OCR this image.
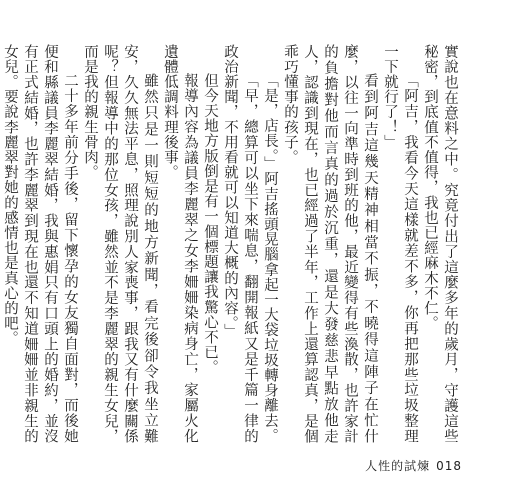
實說也在意料之中。究竟付出了這麼多年的歲月，守護這些秘密，到底值不值得，我也已經麻木不仁。

「阿吉，我看今天這樣就差不多，你再把那些垃圾整理一下就行了！」

看到阿吉這幾天精神相當不振，不曉得這陣子在忙什麼，以往一向準時到班的他，最近變得有些渙散，也許家計的負擔對他而言真的過於沉重，還是大發慈悲早點放他走人，認識到現在，也已經過了半年，工作上還算認真，是個乖巧懂事的孩子。

「是，店長。」阿吉搖頭晃腦拿起一大袋垃圾轉身離去。

「早，總算可以坐下來喘息，翻開報紙又是千篇一律的政治新聞，不用看就可以知道大概的內容。」

但今天地方版倒是有一個標題讓我驚心不已。

報導內容為議員李麗翠之女李姍姍染病身亡，家屬火化遺體低調料理後事。

雖然只是一則短短的地方新聞，看完後卻令我坐立難安，久久無法平息，照理說別人家喪事，跟我又有什麼關係呢？但報導中的那位女孩，雖然並不是李麗翠的親生女兒，而是我的親生骨肉。

二十多年前分手後，留下懷孕的女友獨自面對，而後她便和縣議員李麗翠結婚，我與惠娟只有口頭上的婚約，並沒有正式結婚，也許李麗翠到現在也還不知道姍姍並非親生的女兒。要說李麗翠對她的感情也是真心的吧。

人性的試煉 018
